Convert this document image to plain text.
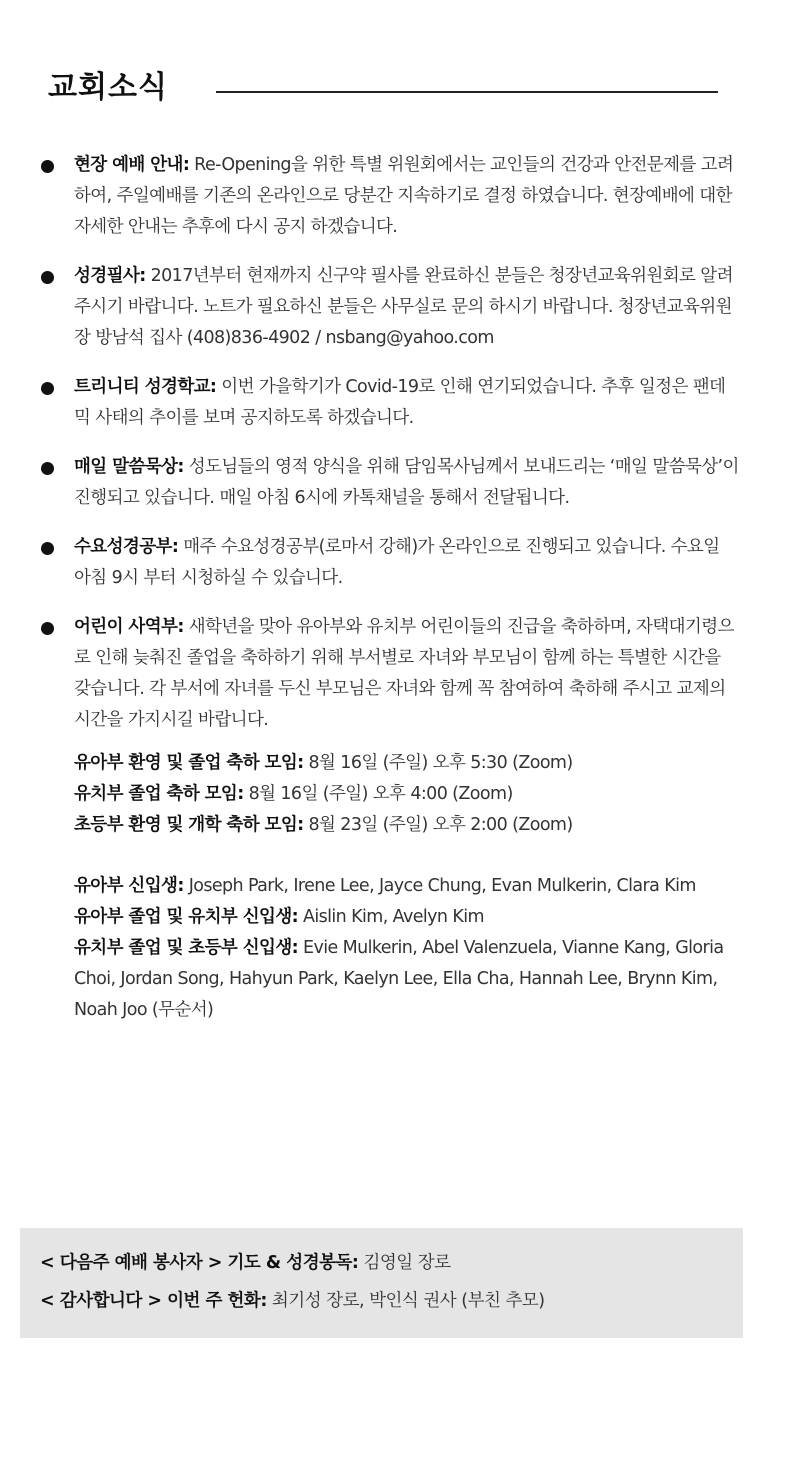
교회소식
현장 예배 안내: Re-Opening을 위한 특별 위원회에서는 교인들의 건강과 안전문제를 고려하여, 주일예배를 기존의 온라인으로 당분간 지속하기로 결정 하였습니다. 현장예배에 대한 자세한 안내는 추후에 다시 공지 하겠습니다.
성경필사: 2017년부터 현재까지 신구약 필사를 완료하신 분들은 청장년교육위원회로 알려주시기 바랍니다. 노트가 필요하신 분들은 사무실로 문의 하시기 바랍니다. 청장년교육위원장 방남석 집사 (408)836-4902 / nsbang@yahoo.com
트리니티 성경학교: 이번 가을학기가 Covid-19로 인해 연기되었습니다. 추후 일정은 팬데믹 사태의 추이를 보며 공지하도록 하겠습니다.
매일 말씀묵상: 성도님들의 영적 양식을 위해 담임목사님께서 보내드리는 ‘매일 말씀묵상’이 진행되고 있습니다. 매일 아침 6시에 카톡채널을 통해서 전달됩니다.
수요성경공부: 매주 수요성경공부(로마서 강해)가 온라인으로 진행되고 있습니다. 수요일 아침 9시 부터 시청하실 수 있습니다.
어린이 사역부: 새학년을 맞아 유아부와 유치부 어린이들의 진급을 축하하며, 자택대기령으로 인해 늦춰진 졸업을 축하하기 위해 부서별로 자녀와 부모님이 함께 하는 특별한 시간을 갖습니다. 각 부서에 자녀를 두신 부모님은 자녀와 함께 꼭 참여하여 축하해 주시고 교제의 시간을 가지시길 바랍니다.
유아부 환영 및 졸업 축하 모임: 8월 16일 (주일) 오후 5:30 (Zoom)
유치부 졸업 축하 모임: 8월 16일 (주일) 오후 4:00 (Zoom)
초등부 환영 및 개학 축하 모임: 8월 23일 (주일) 오후 2:00 (Zoom)
유아부 신입생: Joseph Park, Irene Lee, Jayce Chung, Evan Mulkerin, Clara Kim
유아부 졸업 및 유치부 신입생: Aislin Kim, Avelyn Kim
유치부 졸업 및 초등부 신입생: Evie Mulkerin, Abel Valenzuela, Vianne Kang, Gloria Choi, Jordan Song, Hahyun Park, Kaelyn Lee, Ella Cha, Hannah Lee, Brynn Kim, Noah Joo (무순서)
< 다음주 예배 봉사자 > 기도 & 성경봉독: 김영일 장로
< 감사합니다 > 이번 주 헌화: 최기성 장로, 박인식 권사 (부친 추모)
